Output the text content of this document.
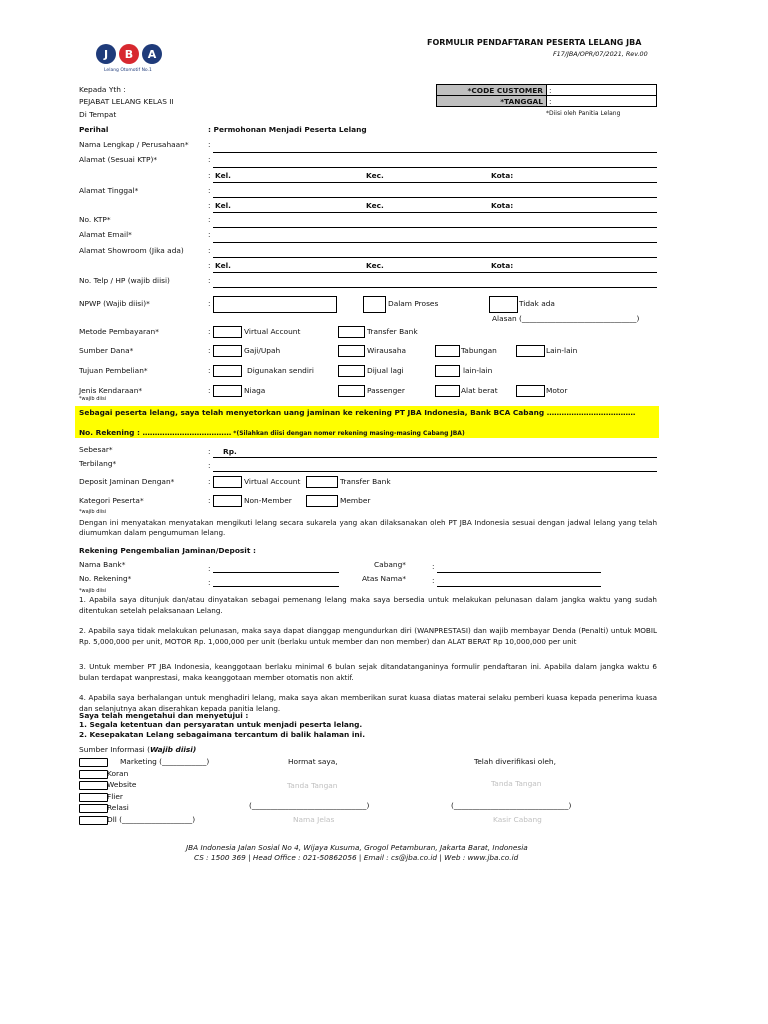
J B A
Lelang Otomotif No.1
FORMULIR PENDAFTARAN PESERTA LELANG JBA
F17/JBA/OPR/07/2021, Rev.00
Kepada Yth :
PEJABAT LELANG KELAS II
Di Tempat
*CODE CUSTOMER :
*TANGGAL :
*Diisi oleh Panitia Lelang
Perihal	: Permohonan Menjadi Peserta Lelang
Nama Lengkap / Perusahaan*	:
Alamat (Sesuai KTP)*	:
: Kel.	Kec.	Kota:
Alamat Tinggal*	:
: Kel.	Kec.	Kota:
No. KTP*	:
Alamat Email*	:
Alamat Showroom (Jika ada)	:
: Kel.	Kec.	Kota:
No. Telp / HP (wajib diisi)	:
NPWP (Wajib diisi)*	:	Dalam Proses	Tidak ada
Alasan (_______________________________)
Metode Pembayaran*	:	Virtual Account	Transfer Bank
Sumber Dana*	:	Gaji/Upah	Wirausaha	Tabungan	Lain-lain
Tujuan Pembelian*	:	Digunakan sendiri	Dijual lagi	lain-lain
Jenis Kendaraan*	:	Niaga	Passenger	Alat berat	Motor
*wajib diisi
Sebagai peserta lelang, saya telah menyetorkan uang jaminan ke rekening PT JBA Indonesia, Bank BCA Cabang ………………………………
No. Rekening : ……………………………… *(Silahkan diisi dengan nomer rekening masing-masing Cabang JBA)
Sebesar*	: Rp.
Terbilang*	:
Deposit Jaminan Dengan*	:	Virtual Account	Transfer Bank
Kategori Peserta*	:	Non-Member	Member
*wajib diisi
Dengan ini menyatakan menyatakan mengikuti lelang secara sukarela yang akan dilaksanakan oleh PT JBA Indonesia sesuai dengan jadwal lelang yang telah diumumkan dalam pengumuman lelang.
Rekening Pengembalian Jaminan/Deposit :
Nama Bank*	:	Cabang*	:
No. Rekening*	:	Atas Nama*	:
*wajib diisi
1. Apabila saya ditunjuk dan/atau dinyatakan sebagai pemenang lelang maka saya bersedia untuk melakukan pelunasan dalam jangka waktu yang sudah ditentukan setelah pelaksanaan Lelang.
2. Apabila saya tidak melakukan pelunasan, maka saya dapat dianggap mengundurkan diri (WANPRESTASI) dan wajib membayar Denda (Penalti) untuk MOBIL Rp. 5,000,000 per unit, MOTOR Rp. 1,000,000 per unit (berlaku untuk member dan non member) dan ALAT BERAT Rp 10,000,000 per unit
3. Untuk member PT JBA Indonesia, keanggotaan berlaku minimal 6 bulan sejak ditandatanganinya formulir pendaftaran ini. Apabila dalam jangka waktu 6 bulan terdapat wanprestasi, maka keanggotaan member otomatis non aktif.
4. Apabila saya berhalangan untuk menghadiri lelang, maka saya akan memberikan surat kuasa diatas materai selaku pemberi kuasa kepada penerima kuasa dan selanjutnya akan diserahkan kepada panitia lelang.
Saya telah mengetahui dan menyetujui :
1. Segala ketentuan dan persyaratan untuk menjadi peserta lelang.
2. Kesepakatan Lelang sebagaimana tercantum di balik halaman ini.
Sumber Informasi (Wajib diisi)
Marketing (____________)
Koran
Website
Flier
Relasi
Dll (___________________)
Hormat saya,	Telah diverifikasi oleh,
Tanda Tangan	Tanda Tangan
(_______________________________)	(_______________________________)
Nama Jelas	Kasir Cabang
JBA Indonesia Jalan Sosial No 4, Wijaya Kusuma, Grogol Petamburan, Jakarta Barat, Indonesia
CS : 1500 369 | Head Office : 021-50862056 | Email : cs@jba.co.id | Web : www.jba.co.id
